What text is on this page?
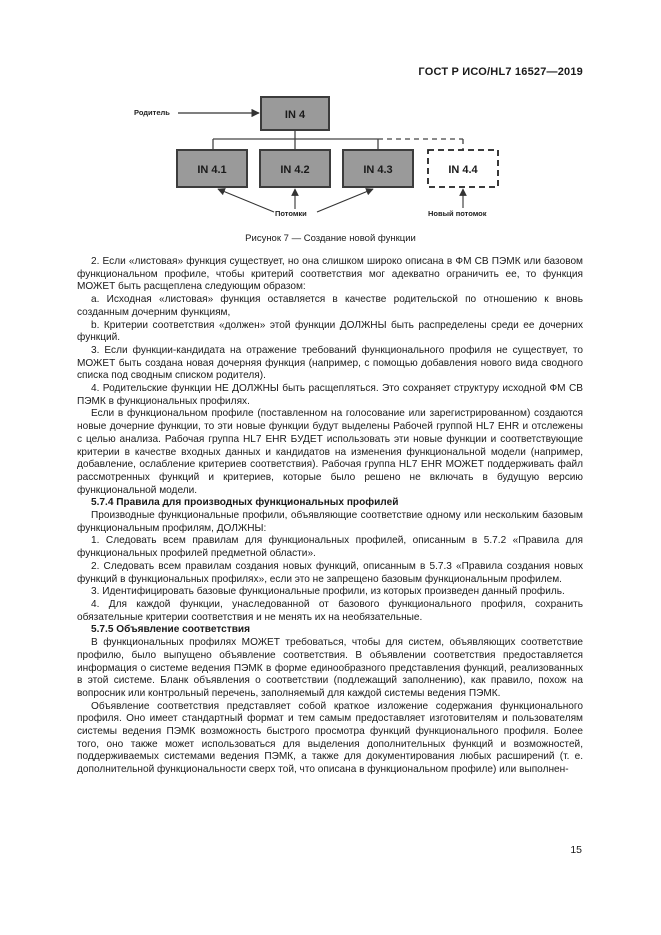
ГОСТ Р ИСО/HL7 16527—2019
IN 4
IN 4.1	IN 4.2	IN 4.3	IN 4.4
Родитель
Потомки	Новый потомок
Рисунок 7 — Создание новой функции

2. Если «листовая» функция существует, но она слишком широко описана в ФМ СВ ПЭМК или базовом функциональном профиле, чтобы критерий соответствия мог адекватно ограничить ее, то функция МОЖЕТ быть расщеплена следующим образом:

a. Исходная «листовая» функция оставляется в качестве родительской по отношению к вновь созданным дочерним функциям,

b. Критерии соответствия «должен» этой функции ДОЛЖНЫ быть распределены среди ее дочерних функций.

3. Если функции-кандидата на отражение требований функционального профиля не существует, то МОЖЕТ быть создана новая дочерняя функция (например, с помощью добавления нового вида сводного списка под сводным списком родителя).

4. Родительские функции НЕ ДОЛЖНЫ быть расщепляться. Это сохраняет структуру исходной ФМ СВ ПЭМК в функциональных профилях.

Если в функциональном профиле (поставленном на голосование или зарегистрированном) создаются новые дочерние функции, то эти новые функции будут выделены Рабочей группой HL7 EHR и отслежены с целью анализа. Рабочая группа HL7 EHR БУДЕТ использовать эти новые функции и соответствующие критерии в качестве входных данных и кандидатов на изменения функциональной модели (например, добавление, ослабление критериев соответствия). Рабочая группа HL7 EHR МОЖЕТ поддерживать файл рассмотренных функций и критериев, которые было решено не включать в будущую версию функциональной модели.

5.7.4 Правила для производных функциональных профилей

Производные функциональные профили, объявляющие соответствие одному или нескольким базовым функциональным профилям, ДОЛЖНЫ:

1. Следовать всем правилам для функциональных профилей, описанным в 5.7.2 «Правила для функциональных профилей предметной области».

2. Следовать всем правилам создания новых функций, описанным в 5.7.3 «Правила создания новых функций в функциональных профилях», если это не запрещено базовым функциональным профилем.

3. Идентифицировать базовые функциональные профили, из которых произведен данный профиль.

4. Для каждой функции, унаследованной от базового функционального профиля, сохранить обязательные критерии соответствия и не менять их на необязательные.

5.7.5 Объявление соответствия

В функциональных профилях МОЖЕТ требоваться, чтобы для систем, объявляющих соответствие профилю, было выпущено объявление соответствия. В объявлении соответствия предоставляется информация о системе ведения ПЭМК в форме единообразного представления функций, реализованных в этой системе. Бланк объявления о соответствии (подлежащий заполнению), как правило, похож на вопросник или контрольный перечень, заполняемый для каждой системы ведения ПЭМК.

Объявление соответствия представляет собой краткое изложение содержания функционального профиля. Оно имеет стандартный формат и тем самым предоставляет изготовителям и пользователям системы ведения ПЭМК возможность быстрого просмотра функций функционального профиля. Более того, оно также может использоваться для выделения дополнительных функций и возможностей, поддерживаемых системами ведения ПЭМК, а также для документирования любых расширений (т. е. дополнительной функциональности сверх той, что описана в функциональном профиле) или выполнен-

15
